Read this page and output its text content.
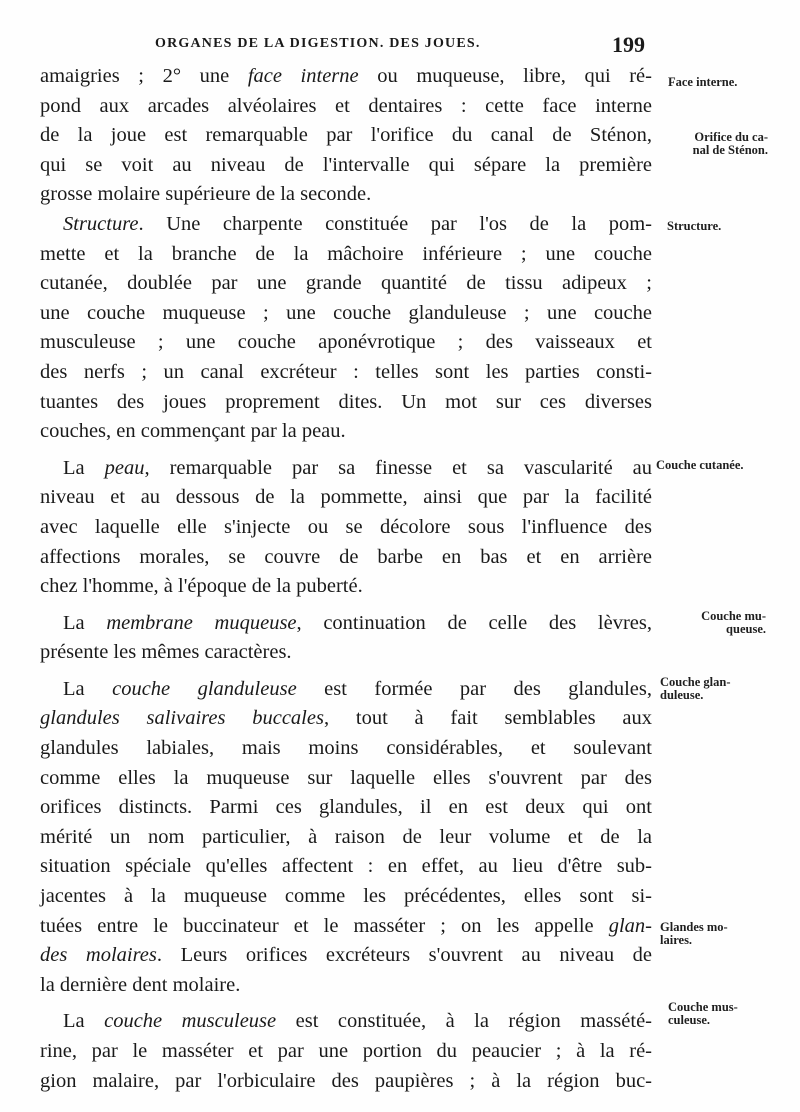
ORGANES DE LA DIGESTION. DES JOUES.	199
amaigries ; 2° une face interne ou muqueuse, libre, qui ré-
pond aux arcades alvéolaires et dentaires : cette face interne
de la joue est remarquable par l'orifice du canal de Sténon,
qui se voit au niveau de l'intervalle qui sépare la première
grosse molaire supérieure de la seconde.
Structure. Une charpente constituée par l'os de la pom-
mette et la branche de la mâchoire inférieure ; une couche
cutanée, doublée par une grande quantité de tissu adipeux ;
une couche muqueuse ; une couche glanduleuse ; une couche
musculeuse ; une couche aponévrotique ; des vaisseaux et
des nerfs ; un canal excréteur : telles sont les parties consti-
tuantes des joues proprement dites. Un mot sur ces diverses
couches, en commençant par la peau.
La peau, remarquable par sa finesse et sa vascularité au
niveau et au dessous de la pommette, ainsi que par la facilité
avec laquelle elle s'injecte ou se décolore sous l'influence des
affections morales, se couvre de barbe en bas et en arrière
chez l'homme, à l'époque de la puberté.
La membrane muqueuse, continuation de celle des lèvres,
présente les mêmes caractères.
La couche glanduleuse est formée par des glandules,
glandules salivaires buccales, tout à fait semblables aux
glandules labiales, mais moins considérables, et soulevant
comme elles la muqueuse sur laquelle elles s'ouvrent par des
orifices distincts. Parmi ces glandules, il en est deux qui ont
mérité un nom particulier, à raison de leur volume et de la
situation spéciale qu'elles affectent : en effet, au lieu d'être sub-
jacentes à la muqueuse comme les précédentes, elles sont si-
tuées entre le buccinateur et le masséter ; on les appelle glan-
des molaires. Leurs orifices excréteurs s'ouvrent au niveau de
la dernière dent molaire.
La couche musculeuse est constituée, à la région massété-
rine, par le masséter et par une portion du peaucier ; à la ré-
gion malaire, par l'orbiculaire des paupières ; à la région buc-
Face interne.
Orifice du ca-
nal de Sténon.
Structure.
Couche cutanée.
Couche mu-
queuse.
Couche glan-
duleuse.
Glandes mo-
laires.
Couche mus-
culeuse.
